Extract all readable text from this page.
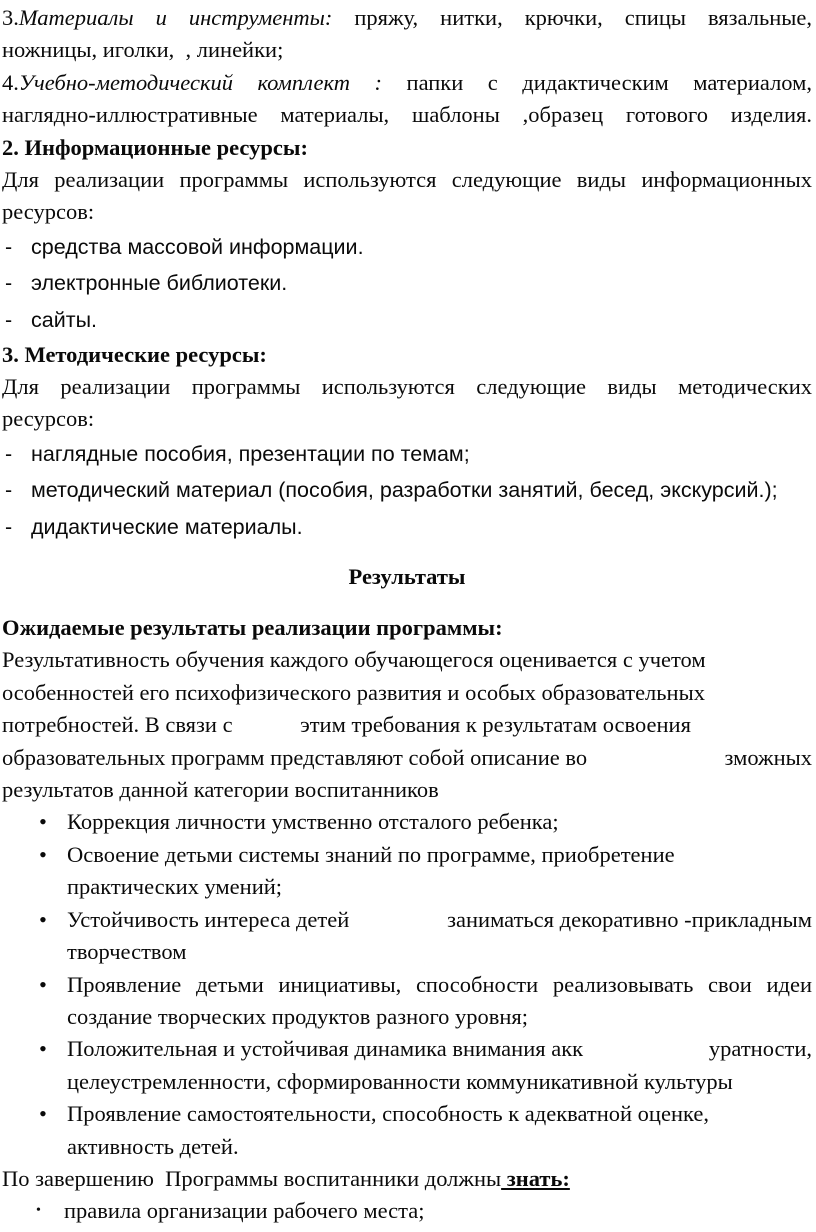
3.Материалы и инструменты: пряжу, нитки, крючки, спицы вязальные,
ножницы, иголки,  , линейки;
4.Учебно-методический комплект : папки с дидактическим материалом,
наглядно-иллюстративные материалы, шаблоны ,образец готового изделия.
2. Информационные ресурсы:
Для реализации программы используются следующие виды информационных
ресурсов:
- средства массовой информации.
- электронные библиотеки.
- сайты.
3. Методические ресурсы:
Для реализации программы используются следующие виды методических
ресурсов:
- наглядные пособия, презентации по темам;
- методический материал (пособия, разработки занятий, бесед, экскурсий.);
- дидактические материалы.
Результаты
Ожидаемые результаты реализации программы:
Результативность обучения каждого обучающегося оценивается с учетом
особенностей его психофизического развития и особых образовательных
потребностей. В связи с            этим требования к результатам освоения
образовательных программ представляют собой описание во	зможных
результатов данной категории воспитанников
• Коррекция личности умственно отсталого ребенка;
• Освоение детьми системы знаний по программе, приобретение
практических умений;
• Устойчивость интереса детей	заниматься декоративно -прикладным
творчеством
• Проявление детьми инициативы, способности реализовывать свои идеи
создание творческих продуктов разного уровня;
• Положительная и устойчивая динамика внимания акк	уратности,
целеустремленности, сформированности коммуникативной культуры
• Проявление самостоятельности, способность к адекватной оценке,
активность детей.
По завершению  Программы воспитанники должны знать:
•	правила организации рабочего места;
